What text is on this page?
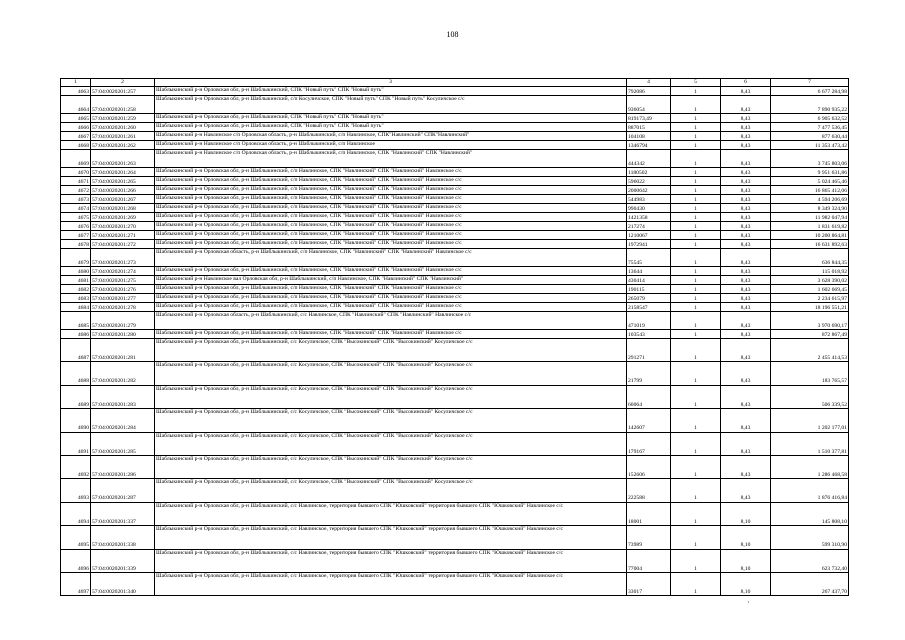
108
1	2	3	4	5	6	7
4663	57:04:0020201:257	Шаблыкинский р-н Орловская обл, р-н Шаблыкинский, СПК "Новый путь" СПК "Новый путь"	792086	1	8,43	6 677 284,98
4664	57:04:0020201:258	Шаблыкинский р-н Орловская обл, р-н Шаблыкинский, с/п Косуличское, СПК "Новый путь" СПК "Новый путь" Косуличское с/с	936054	1	8,43	7 890 935,22
4665	57:04:0020201:259	Шаблыкинский р-н Орловская обл, р-н Шаблыкинский, СПК "Новый путь" СПК "Новый путь"	819173,49	1	8,43	6 905 632,52
4666	57:04:0020201:260	Шаблыкинский р-н Орловская обл, р-н Шаблыкинский, СПК "Новый путь" СПК "Новый путь"	887015	1	8,43	7 477 536,45
4667	57:04:0020201:261	Шаблыкинский р-н Навлинское с/п Орловская область, р-н Шаблыкинский, с/п Навлинское, СПК"Навлинский" СПК"Навлинский"	104108	1	8,43	877 630,44
4668	57:04:0020201:262	Шаблыкинский р-н Навлинское с/п Орловская область, р-н Шаблыкинский, с/п Навлинское	1346794	1	8,43	11 353 473,42
4669	57:04:0020201:263	Шаблыкинский р-н Навлинское с/п Орловская область, р-н Шаблыкинский, с/п Навлинское, СПК "Навлинский" СПК "Навлинский"	444342	1	8,43	3 745 803,06
4670	57:04:0020201:264	Шаблыкинский р-н Орловская обл, р-н Шаблыкинский, с/п Навлинское, СПК "Навлинский" СПК "Навлинский" Навлинское с/с	1180502	1	8,43	9 951 631,86
4671	57:04:0020201:265	Шаблыкинский р-н Орловская обл, р-н Шаблыкинский, с/п Навлинское, СПК "Навлинский" СПК "Навлинский" Навлинское с/с	596022	1	8,43	5 024 465,46
4672	57:04:0020201:266	Шаблыкинский р-н Орловская обл, р-н Шаблыкинский, с/п Навлинское, СПК "Навлинский" СПК "Навлинский" Навлинское с/с	2000642	1	8,43	16 865 412,06
4673	57:04:0020201:267	Шаблыкинский р-н Орловская обл, р-н Шаблыкинский, с/п Навлинское, СПК "Навлинский" СПК "Навлинский" Навлинское с/с	544983	1	8,43	4 594 206,69
4674	57:04:0020201:268	Шаблыкинский р-н Орловская обл, р-н Шаблыкинский, с/п Навлинское, СПК "Навлинский" СПК "Навлинский" Навлинское с/с	990430	1	8,43	8 349 324,90
4675	57:04:0020201:269	Шаблыкинский р-н Орловская обл, р-н Шаблыкинский, с/п Навлинское, СПК "Навлинский" СПК "Навлинский" Навлинское с/с	1421358	1	8,43	11 982 047,94
4676	57:04:0020201:270	Шаблыкинский р-н Орловская обл, р-н Шаблыкинский, с/п Навлинское, СПК "Навлинский" СПК "Навлинский" Навлинское с/с	217274	1	8,43	1 831 619,82
4677	57:04:0020201:271	Шаблыкинский р-н Орловская обл, р-н Шаблыкинский, с/п Навлинское, СПК "Навлинский" СПК "Навлинский" Навлинское с/с	1210067	1	8,43	10 200 864,81
4678	57:04:0020201:272	Шаблыкинский р-н Орловская обл, р-н Шаблыкинский, с/п Навлинское, СПК "Навлинский" СПК "Навлинский" Навлинское с/с	1972941	1	8,43	16 631 892,63
4679	57:04:0020201:273	Шаблыкинский р-н Орловская область, р-н Шаблыкинский, с/п Навлинское, СПК "Навлинский" СПК "Навлинский" Навлинское с/с	75545	1	8,43	636 844,35
4680	57:04:0020201:274	Шаблыкинский р-н Орловская обл, р-н Шаблыкинский, с/п Навлинское, СПК "Навлинский" СПК "Навлинский" Навлинское с/с	13644	1	8,43	115 018,92
4681	57:04:0020201:275	Шаблыкинский р-н Навлинское вал Орловская обл, р-н Шаблыкинский, с/п Навлинское, СПК "Навлинский" СПК "Навлинский"	430414	1	8,43	3 628 390,02
4682	57:04:0020201:276	Шаблыкинский р-н Орловская обл, р-н Шаблыкинский, с/п Навлинское, СПК "Навлинский" СПК "Навлинский" Навлинское с/с	190115	1	8,43	1 602 669,45
4683	57:04:0020201:277	Шаблыкинский р-н Орловская обл, р-н Шаблыкинский, с/п Навлинское, СПК "Навлинский" СПК "Навлинский" Навлинское с/с	265079	1	8,43	2 234 615,97
4684	57:04:0020201:278	Шаблыкинский р-н Орловская обл, р-н Шаблыкинский, с/п Навлинское, СПК "Навлинский" СПК "Навлинский" Навлинское с/с	2158547	1	8,43	18 196 551,21
4685	57:04:0020201:279	Шаблыкинский р-н Орловская область, р-н Шаблыкинский, с/с Навлинское, СПК "Навлинский" СПК "Навлинский" Навлинское с/с	471019	1	8,43	3 970 690,17
4686	57:04:0020201:280	Шаблыкинский р-н Орловская обл, р-н Шаблыкинский, с/п Навлинское, СПК "Навлинский" СПК "Навлинский" Навлинское с/с	103543	1	8,43	872 867,49
4687	57:04:0020201:281	Шаблыкинский р-н Орловская обл, р-н Шаблыкинский, с/с Косуличское, СПК "Высокинский" СПК "Высокинский" Косуличское с/с	291271	1	8,43	2 455 414,53
4688	57:04:0020201:282	Шаблыкинский р-н Орловская обл, р-н Шаблыкинский, с/с Косуличское, СПК "Высокинский" СПК "Высокинский" Косуличское с/с	21799	1	8,43	183 765,57
4689	57:04:0020201:283	Шаблыкинский р-н Орловская обл, р-н Шаблыкинский, с/с Косуличское, СПК "Высокинский" СПК "Высокинский" Косуличское с/с	60064	1	8,43	506 339,52
4690	57:04:0020201:284	Шаблыкинский р-н Орловская обл, р-н Шаблыкинский, с/с Косуличское, СПК "Высокинский" СПК "Высокинский" Косуличское с/с	142607	1	8,43	1 202 177,01
4691	57:04:0020201:285	Шаблыкинский р-н Орловская обл, р-н Шаблыкинский, с/с Косуличское, СПК "Высокинский" СПК "Высокинский" Косуличское с/с	179167	1	8,43	1 510 377,81
4692	57:04:0020201:286	Шаблыкинский р-н Орловская обл, р-н Шаблыкинский, с/с Косуличское, СПК "Высокинский" СПК "Высокинский" Косуличское с/с	152606	1	8,43	1 286 468,58
4693	57:04:0020201:287	Шаблыкинский р-н Орловская обл, р-н Шаблыкинский, с/с Косуличское, СПК "Высокинский" СПК "Высокинский" Косуличское с/с	222588	1	8,43	1 876 416,84
4694	57:04:0020201:337	Шаблыкинский р-н Орловская обл, р-н Шаблыкинский, с/с Навлинское, территория бывшего СПК "Юшковский" территория бывшего СПК "Юшковский" Навлинское с/с	18001	1	8,10	145 808,10
4695	57:04:0020201:338	Шаблыкинский р-н Орловская обл, р-н Шаблыкинский, с/с Навлинское, территория бывшего СПК "Юшковский" территория бывшего СПК "Юшковский" Навлинское с/с	73989	1	8,10	599 310,90
4696	57:04:0020201:339	Шаблыкинский р-н Орловская обл, р-н Шаблыкинский, с/с Навлинское, территория бывшего СПК "Юшковский" территория бывшего СПК "Юшковский" Навлинское с/с	77004	1	8,10	623 732,40
4697	57:04:0020201:340	Шаблыкинский р-н Орловская обл, р-н Шаблыкинский, с/с Навлинское, территория бывшего СПК "Юшковский" территория бывшего СПК "Юшковский" Навлинское с/с	33017	1	8,10	267 437,70
·
